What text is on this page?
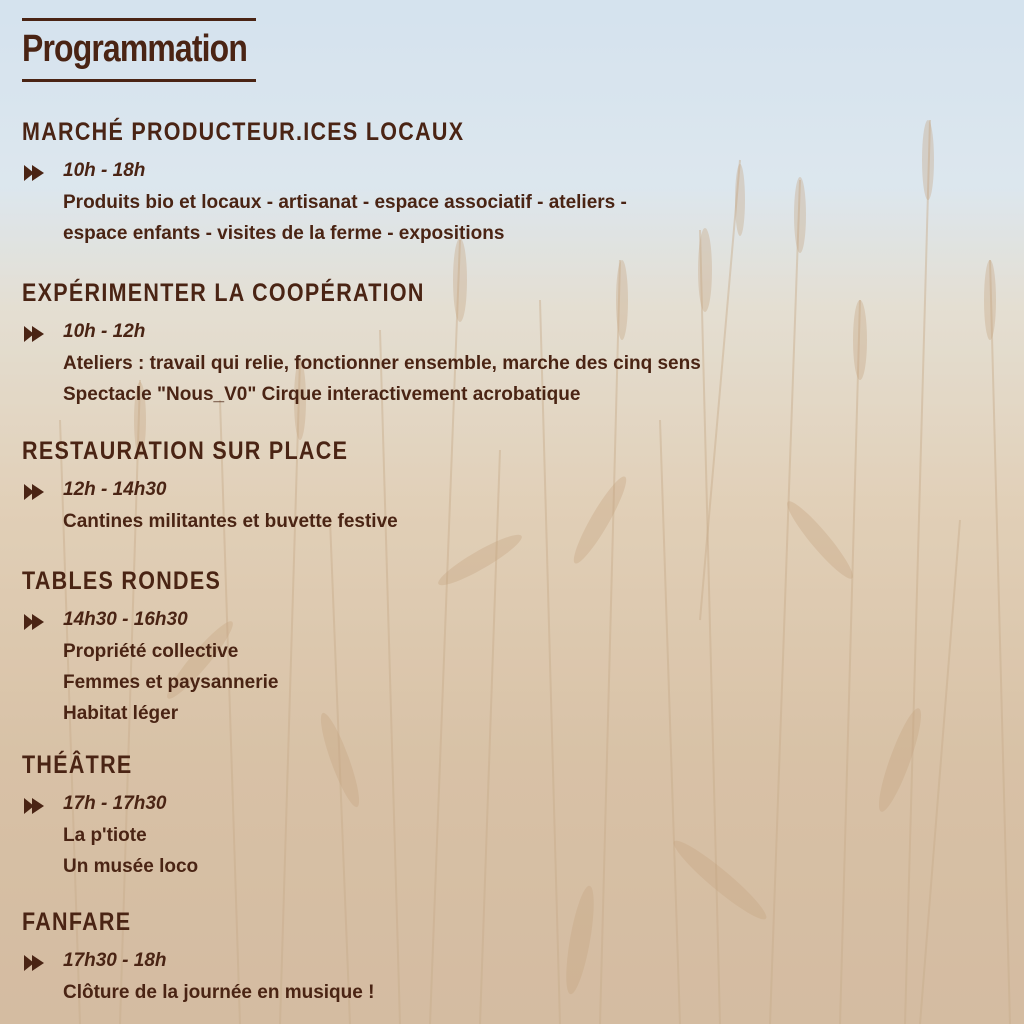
Programmation
MARCHÉ PRODUCTEUR.ICES LOCAUX
10h - 18h
Produits bio et locaux - artisanat - espace associatif - ateliers -
espace enfants - visites de la ferme - expositions
EXPÉRIMENTER LA COOPÉRATION
10h - 12h
Ateliers : travail qui relie, fonctionner ensemble, marche des cinq sens
Spectacle "Nous_V0" Cirque interactivement acrobatique
RESTAURATION SUR PLACE
12h - 14h30
Cantines militantes et buvette festive
TABLES RONDES
14h30 - 16h30
Propriété collective
Femmes et paysannerie
Habitat léger
THÉÂTRE
17h - 17h30
La p'tiote
Un musée loco
FANFARE
17h30 - 18h
Clôture de la journée en musique !
